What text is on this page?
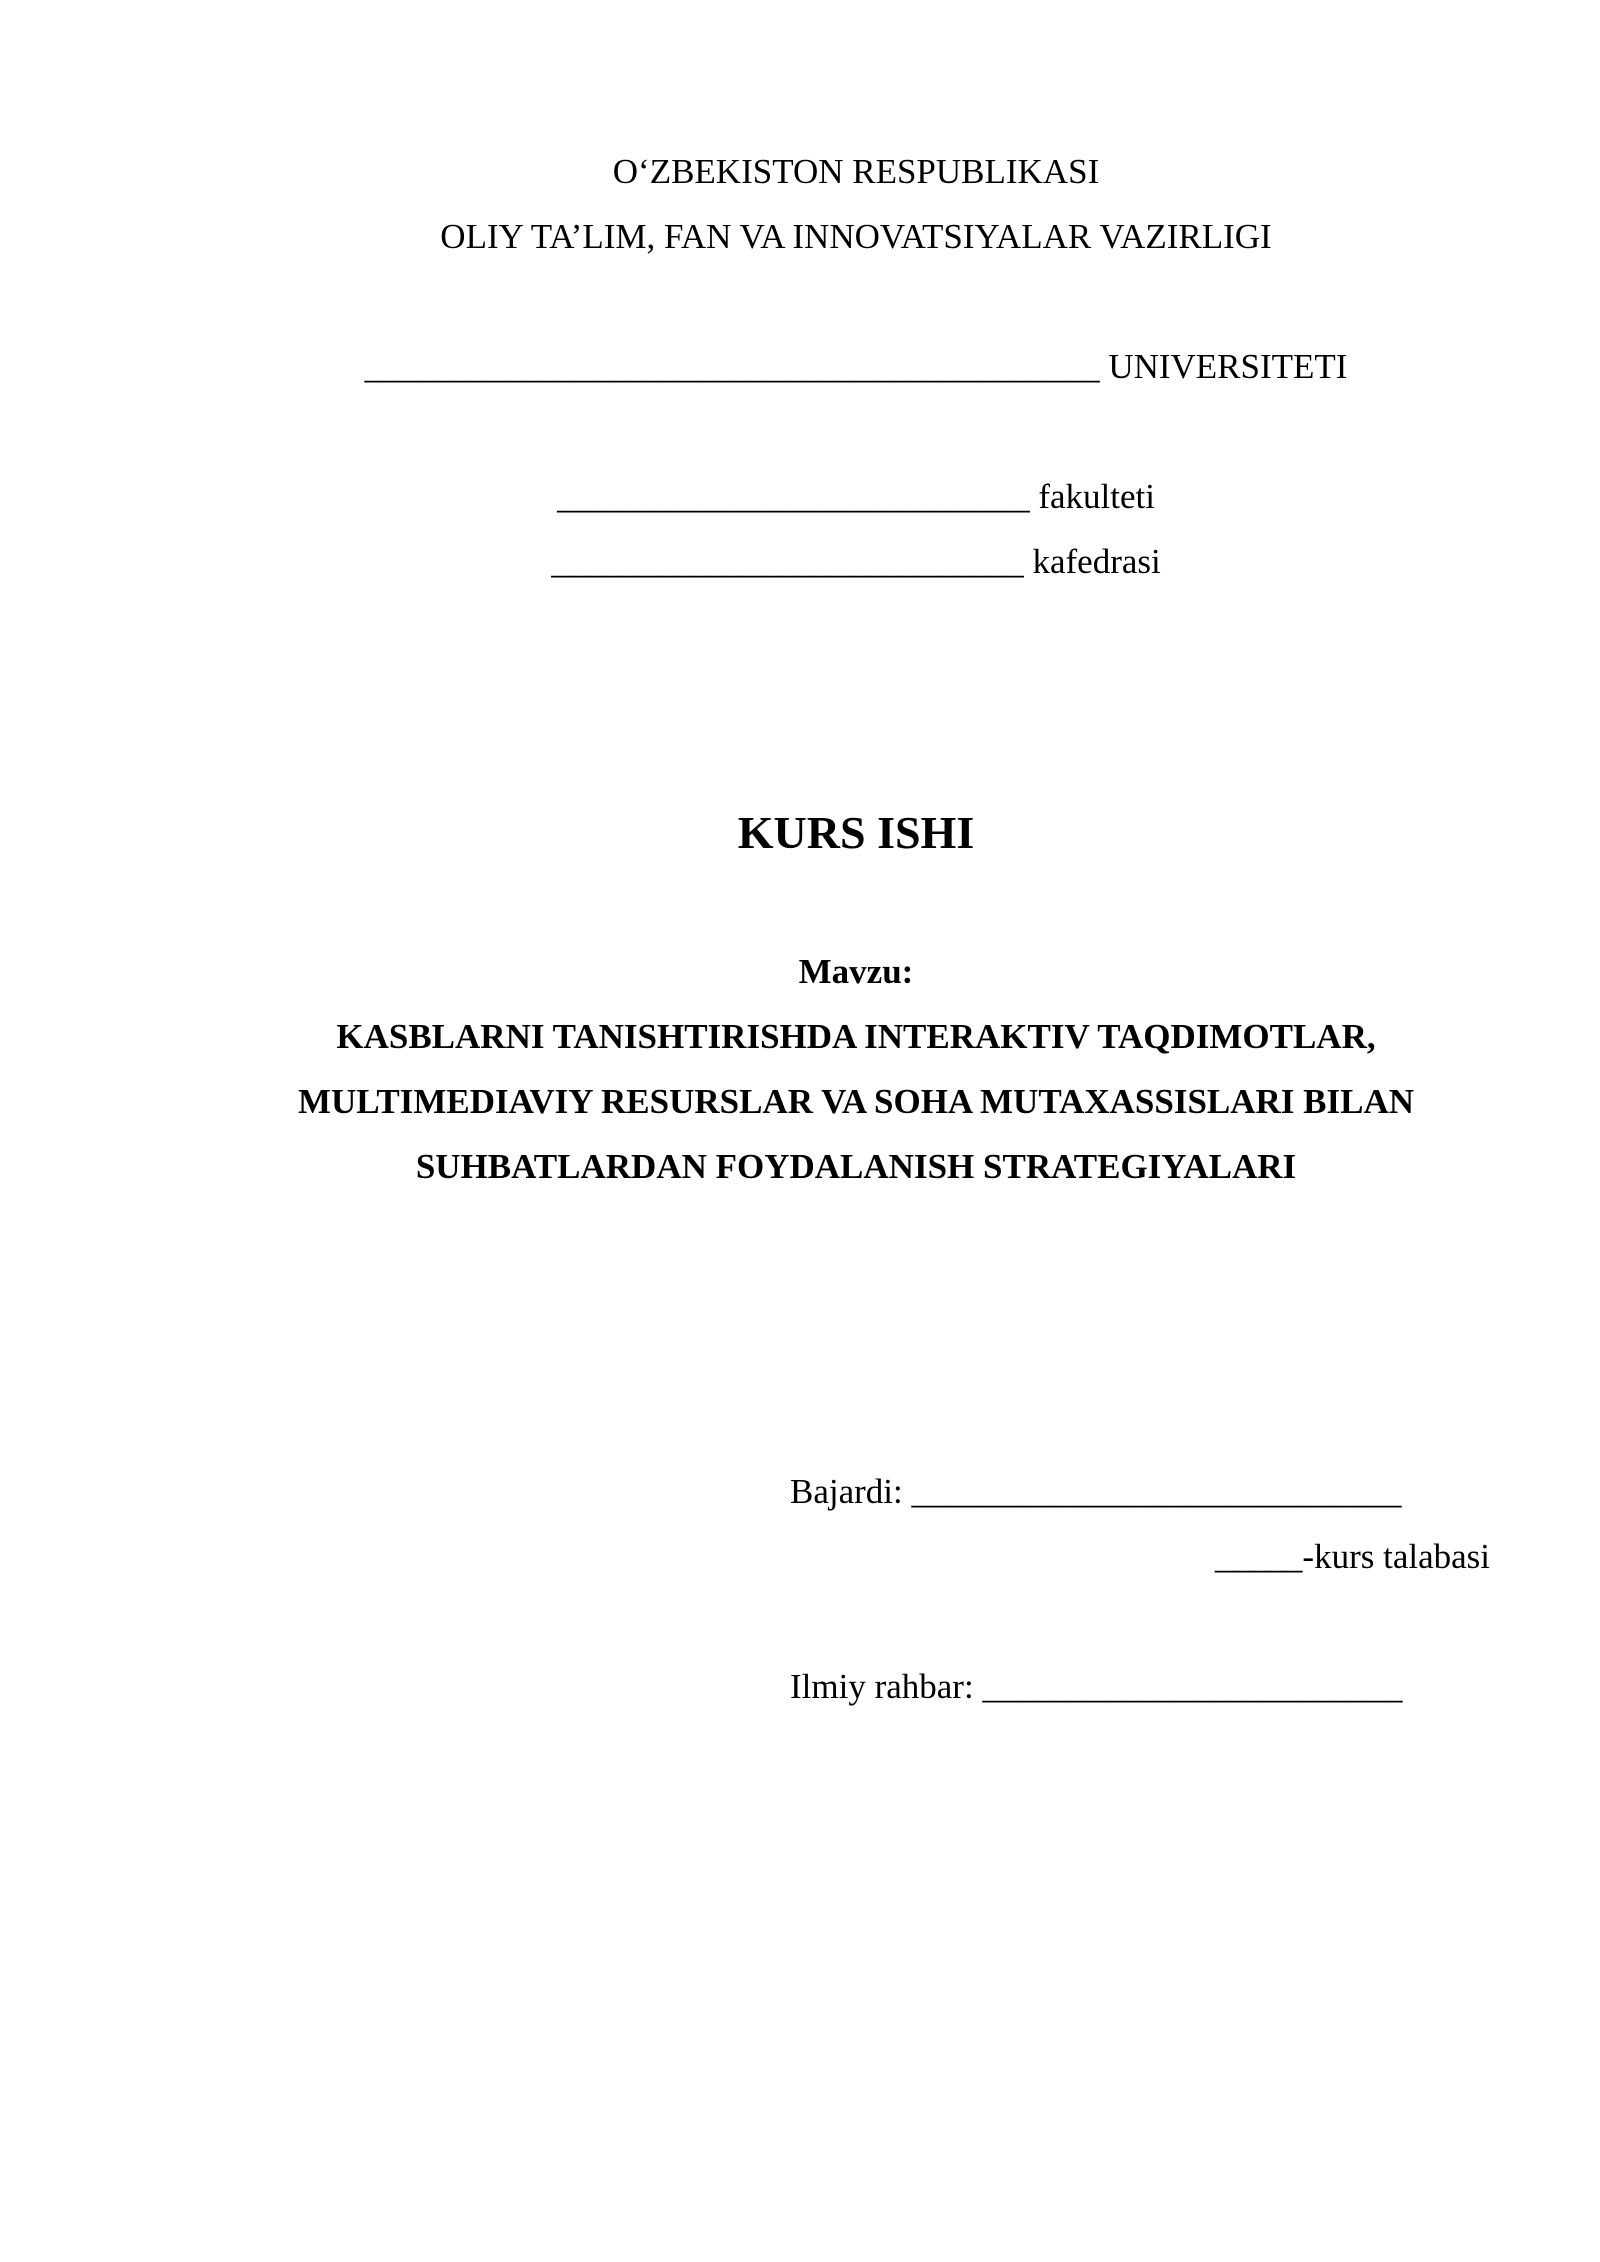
O‘ZBEKISTON RESPUBLIKASI
OLIY TA’LIM, FAN VA INNOVATSIYALAR VAZIRLIGI
__________________________________________ UNIVERSITETI
___________________________ fakulteti
___________________________ kafedrasi
KURS ISHI
Mavzu:
KASBLARNI TANISHTIRISHDA INTERAKTIV TAQDIMOTLAR,
MULTIMEDIAVIY RESURSLAR VA SOHA MUTAXASSISLARI BILAN
SUHBATLARDAN FOYDALANISH STRATEGIYALARI
Bajardi: ____________________________
_____-kurs talabasi
Ilmiy rahbar: ________________________
